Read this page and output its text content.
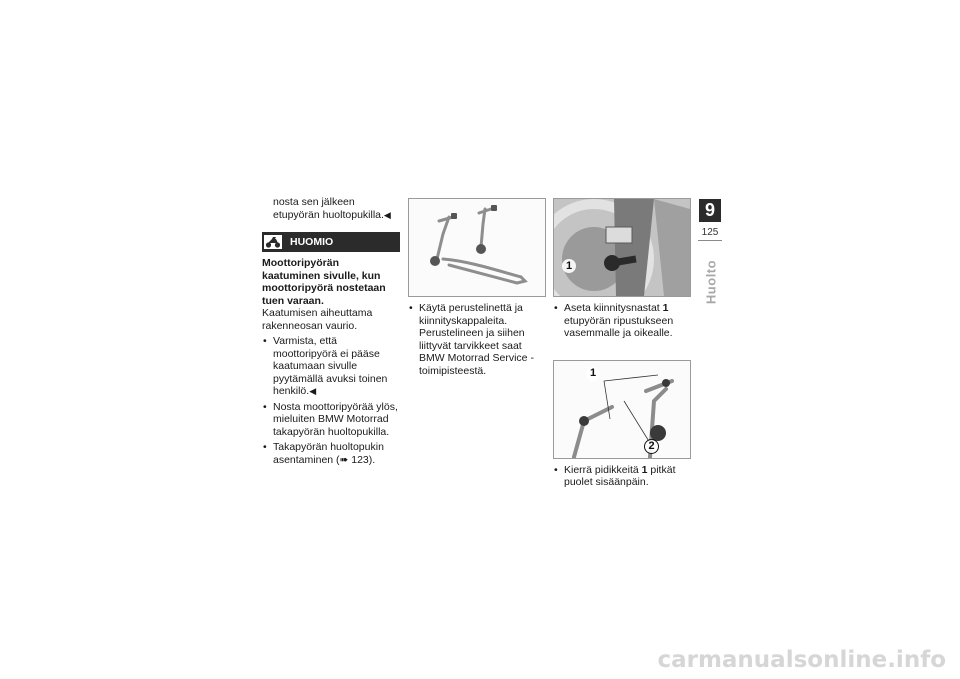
nosta sen jälkeen etupyörän huoltopukilla.◀
HUOMIO
Moottoripyörän kaatuminen sivulle, kun moottoripyörä nostetaan tuen varaan.
Kaatumisen aiheuttama rakenneosan vaurio.
• Varmista, että moottoripyörä ei pääse kaatumaan sivulle pyytämällä avuksi toinen henkilö.◀
• Nosta moottoripyörää ylös, mieluiten BMW Motorrad takapyörän huoltopukilla.
• Takapyörän huoltopukin asentaminen (➠ 123).
• Käytä perustelinettä ja kiinnityskappaleita. Perustelineen ja siihen liittyvät tarvikkeet saat BMW Motorrad Service -toimipisteestä.
1
• Aseta kiinnitysnastat 1 etupyörän ripustukseen vasemmalle ja oikealle.
1
2
• Kierrä pidikkeitä 1 pitkät puolet sisäänpäin.
9
125
Huolto
carmanualsonline.info
